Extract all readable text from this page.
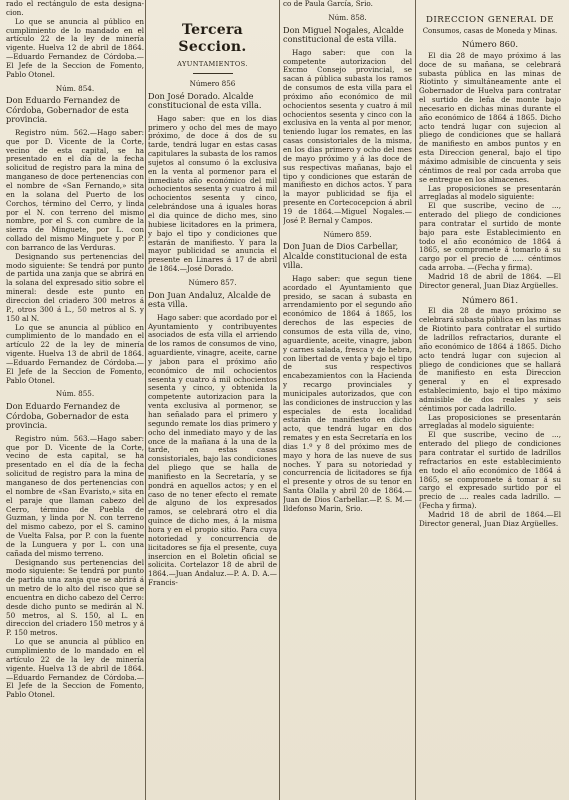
rado el rectángulo de esta designa-cion.

Lo que se anuncia al público en cumplimiento de lo mandado en el artículo 22 de la ley de minería vigente. Huelva 12 de abril de 1864.—Eduardo Fernandez de Córdoba.—El Jefe de la Seccion de Fomento, Pablo Otonel.

Núm. 854.
Don Eduardo Fernandez de Córdoba, Gobernador de esta provincia.

Registro núm. 562.—Hago saber: que por D. Vicente de la Corte, vecino de esta capital, se ha presentado en el día de la fecha solicitud de registro para la mina de manganeso de doce pertenencias con el nombre de «San Fernando,» sita en la solana del Puerto de los Corchos, término del Cerro, y linda por el N. con terreno del mismo nombre, por el S. con cumbre de la sierra de Minguete, por L. con collado del mismo Minguete y por P. con barranco de las Verduras.

Designando sus pertenencias del modo siguiente: Se tendrá por punto de partida una zanja que se abrirá en la solana del expresado sitio sobre el mineral: desde este punto en direccion del criadero 300 metros á P., otros 300 á L., 50 metros al S. y 150 al N.

Lo que se anuncia al público en cumplimiento de lo mandado en el artículo 22 de la ley de minería vigente. Huelva 13 de abril de 1864.—Eduardo Fernandez de Córdoba.—El Jefe de la Seccion de Fomento, Pablo Otonel.

Núm. 855.
Don Eduardo Fernandez de Córdoba, Gobernador de esta provincia.

Registro núm. 563.—Hago saber: que por D. Vicente de la Corte, vecino de esta capital, se ha presentado en el día de la fecha solicitud de registro para la mina de manganeso de dos pertenencias con el nombre de «San Evaristo,» sita en el paraje que llaman cabezo del Cerro, término de Puebla de Guzman, y linda por N. con terreno del mismo cabezo, por el S. camino de Vuelta Falsa, por P. con la fuente de la Lunguera y por L. con una cañada del mismo terreno.

Designando sus pertenencias del modo siguiente: Se tendrá por punto de partida una zanja que se abrirá á un metro de lo alto del risco que se encuentra en dicho cabezo del Cerro: desde dicho punto se medirán al N. 50 metros, al S. 150, al L. en direccion del criadero 150 metros y á P. 150 metros.

Lo que se anuncia al público en cumplimiento de lo mandado en el artículo 22 de la ley de minería vigente. Huelva 13 de abril de 1864.—Eduardo Fernandez de Córdoba.—El Jefe de la Seccion de Fomento, Pablo Otonel.

Tercera Seccion.
AYUNTAMIENTOS.
Número 856
Don José Dorado. Alcalde constitucional de esta villa.

Hago saber: que en los dias primero y ocho del mes de mayo próximo, de doce á dos de su tarde, tendrá lugar en estas casas capitulares la subasta de los ramos sujetos al consumo ó la exclusiva en la venta al pormenor para el inmediato año económico del mil ochocientos sesenta y cuatro á mil ochocientos sesenta y cinco, celebrándose una á iguales horas el dia quince de dicho mes, sino hubiese licitadores en la primera, y bajo el tipo y condiciones que estarán de manifiesto. Y para la mayor publicidad se anuncia el presente en Linares á 17 de abril de 1864.—José Dorado.

Número 857.
Don Juan Andaluz, Alcalde de esta villa.

Hago saber: que acordado por el Ayuntamiento y contribuyentes asociados de esta villa el arriendo de los ramos de consumos de vino, aguardiente, vinagre, aceite, carne y jabon para el próximo año económico de mil ochocientos sesenta y cuatro á mil ochocientos sesenta y cinco, y obtenida la competente autorizacion para la venta exclusiva al pormenor, se han señalado para el primero y segundo remate los dias primero y ocho del inmediato mayo y de las once de la mañana á la una de la tarde, en estas casas consistoriales, bajo las condiciones del pliego que se halla de manifiesto en la Secretaría, y se pondrá en aquellos actos; y en el caso de no tener efecto el remate de alguno de los expresados ramos, se celebrará otro el dia quince de dicho mes, á la misma hora y en el propio sitio. Para cuya notoriedad y concurrencia de licitadores se fija el presente, cuya insercion en el Boletin oficial se solicita. Cortelazor 18 de abril de 1864.—Juan Andaluz.—P. A. D. A.—Francis-

co de Paula García, Srio.

Núm. 858.
Don Miguel Nogales, Alcalde constitucional de esta villa.

Hago saber: que con la competente autorizacion del Excmo Consejo provincial, se sacan á pública subasta los ramos de consumos de esta villa para el próximo año económico de mil ochocientos sesenta y cuatro á mil ochocientos sesenta y cinco con la exclusiva en la venta al por menor, teniendo lugar los remates, en las casas consistoriales de la misma, en los dias primero y ocho del mes de mayo próximo y á las doce de sus respectivas mañanas, bajo el tipo y condiciones que estarán de manifiesto en dichos actos. Y para la mayor publicidad se fija el presente en Cortecocepcion á abril 19 de 1864.—Miguel Nogales.—José P. Bernal y Campos.

Número 859.
Don Juan de Dios Carbellar, Alcalde constitucional de esta villa.

Hago saber: que segun tiene acordado el Ayuntamiento que presido, se sacan á subasta en arrendamiento por el segundo año económico de 1864 á 1865, los derechos de las especies de consumos de esta villa de, vino, aguardiente, aceite, vinagre, jabon y carnes salada, fresca y de hebra, con libertad de venta y bajo el tipo de sus respectivos encabezamientos con la Hacienda y recargo provinciales y municipales autorizados, que con las condiciones de instruccion y las especiales de esta localidad estarán de manifiesto en dicho acto, que tendrá lugar en dos remates y en esta Secretaría en los dias 1.º y 8 del próximo mes de mayo y hora de las nueve de sus noches. Y para su notoriedad y concurrencia de licitadores se fija el presente y otros de su tenor en Santa Olalla y abril 20 de 1864.—Juan de Dios Carbellar.—P. S. M.—Ildefonso Marin, Srio.

DIRECCION GENERAL DE
Consumos, casas de Moneda y Minas.
Número 860.

El dia 28 de mayo próximo á las doce de su mañana, se celebrará subasta pública en las minas de Riotinto y simultáneamente ante el Gobernador de Huelva para contratar el surtido de leña de monte bajo necesario en dichas minas durante el año económico de 1864 á 1865. Dicho acto tendrá lugar con sujecion al pliego de condiciones que se hallará de manifiesto en ambos puntos y en esta Direccion general, bajo el tipo máximo admisible de cincuenta y seis céntimos de real por cada arroba que se entregue en los almacenes.

Las proposiciones se presentarán arregladas al modelo siguiente:

El que suscribe, vecino de ..., enterado del pliego de condiciones para contratar el surtido de monte bajo para este Establecimiento en todo el año económico de 1864 á 1865, se compromete á tomarlo á su cargo por el precio de ..... céntimos cada arroba. —(Fecha y firma).

Madrid 18 de abril de 1864. —El Director general, Juan Diaz Argüelles.

Número 861.

El dia 28 de mayo próximo se celebrará subasta pública en las minas de Riotinto para contratar el surtido de ladrillos refractarios, durante el año económico de 1864 á 1865. Dicho acto tendrá lugar con sujecion al pliego de condiciones que se hallará de manifiesto en esta Direccion general y en el expresado establecimiento, bajo el tipo máximo admisible de dos reales y seis céntimos por cada ladrillo.

Las proposiciones se presentarán arregladas al modelo siguiente:

El que suscribe, vecino de ..., enterado del pliego de condiciones para contratar el surtido de ladrillos refractarios en este establecimiento en todo el año económico de 1864 á 1865, se compromete á tomar á su cargo el expresado surtido por el precio de .... reales cada ladrillo. —(Fecha y firma).

Madrid 18 de abril de 1864.—El Director general, Juan Diaz Argüelles.
